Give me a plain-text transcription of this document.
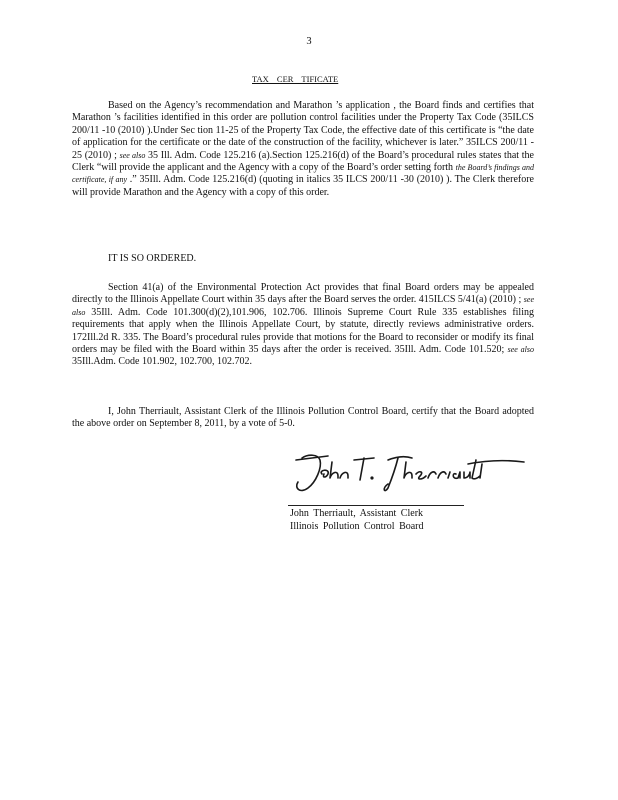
3
TAX CER TIFICATE

Based on the Agency’s recommendation and Marathon ’s application , the Board finds and certifies that Marathon ’s facilities identified in this order are pollution control facilities under the Property Tax Code (35ILCS 200/11 -10 (2010) ).Under Sec tion 11-25 of the Property Tax Code, the effective date of this certificate is “the date of application for the certificate or the date of the construction of the facility, whichever is later.” 35ILCS 200/11 - 25 (2010) ; see also 35 Ill. Adm. Code 125.216 (a).Section 125.216(d) of the Board’s procedural rules states that the Clerk “will provide the applicant and the Agency with a copy of the Board’s order setting forth the Board’s findings and certificate, if any .” 35Ill. Adm. Code 125.216(d) (quoting in italics 35 ILCS 200/11 -30 (2010) ). The Clerk therefore will provide Marathon and the Agency with a copy of this order.

IT IS SO ORDERED.

Section 41(a) of the Environmental Protection Act provides that final Board orders may be appealed directly to the Illinois Appellate Court within 35 days after the Board serves the order. 415ILCS 5/41(a) (2010) ; see also 35Ill. Adm. Code 101.300(d)(2),101.906, 102.706. Illinois Supreme Court Rule 335 establishes filing requirements that apply when the Illinois Appellate Court, by statute, directly reviews administrative orders. 172Ill.2d R. 335. The Board’s procedural rules provide that motions for the Board to reconsider or modify its final orders may be filed with the Board within 35 days after the order is received. 35Ill. Adm. Code 101.520; see also 35Ill.Adm. Code 101.902, 102.700, 102.702.

I, John Therriault, Assistant Clerk of the Illinois Pollution Control Board, certify that the Board adopted the above order on September 8, 2011, by a vote of 5-0.

John Therriault, Assistant Clerk
Illinois Pollution Control Board
